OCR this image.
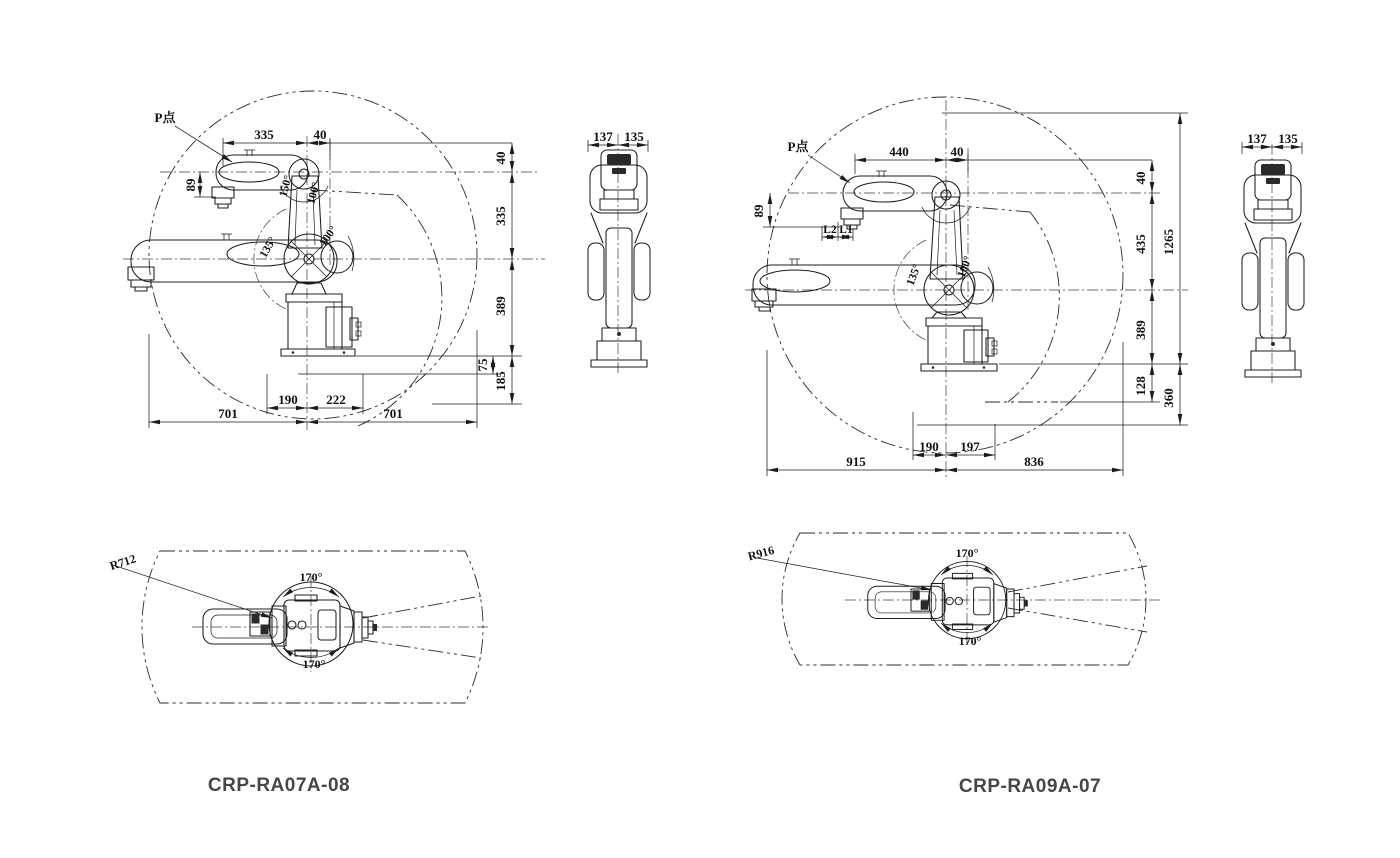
335	40
89
P点
40
335
389
75
185
190 222
701	701
150° 100°
100°
135°
137 135
170°
170°
R712
CRP-RA07A-08
440	40
89
L2 L1
P点
40
435
389
128
1265
360
190 197
915	836
135°	100°
137 135
170°
170°
R916
CRP-RA09A-07
